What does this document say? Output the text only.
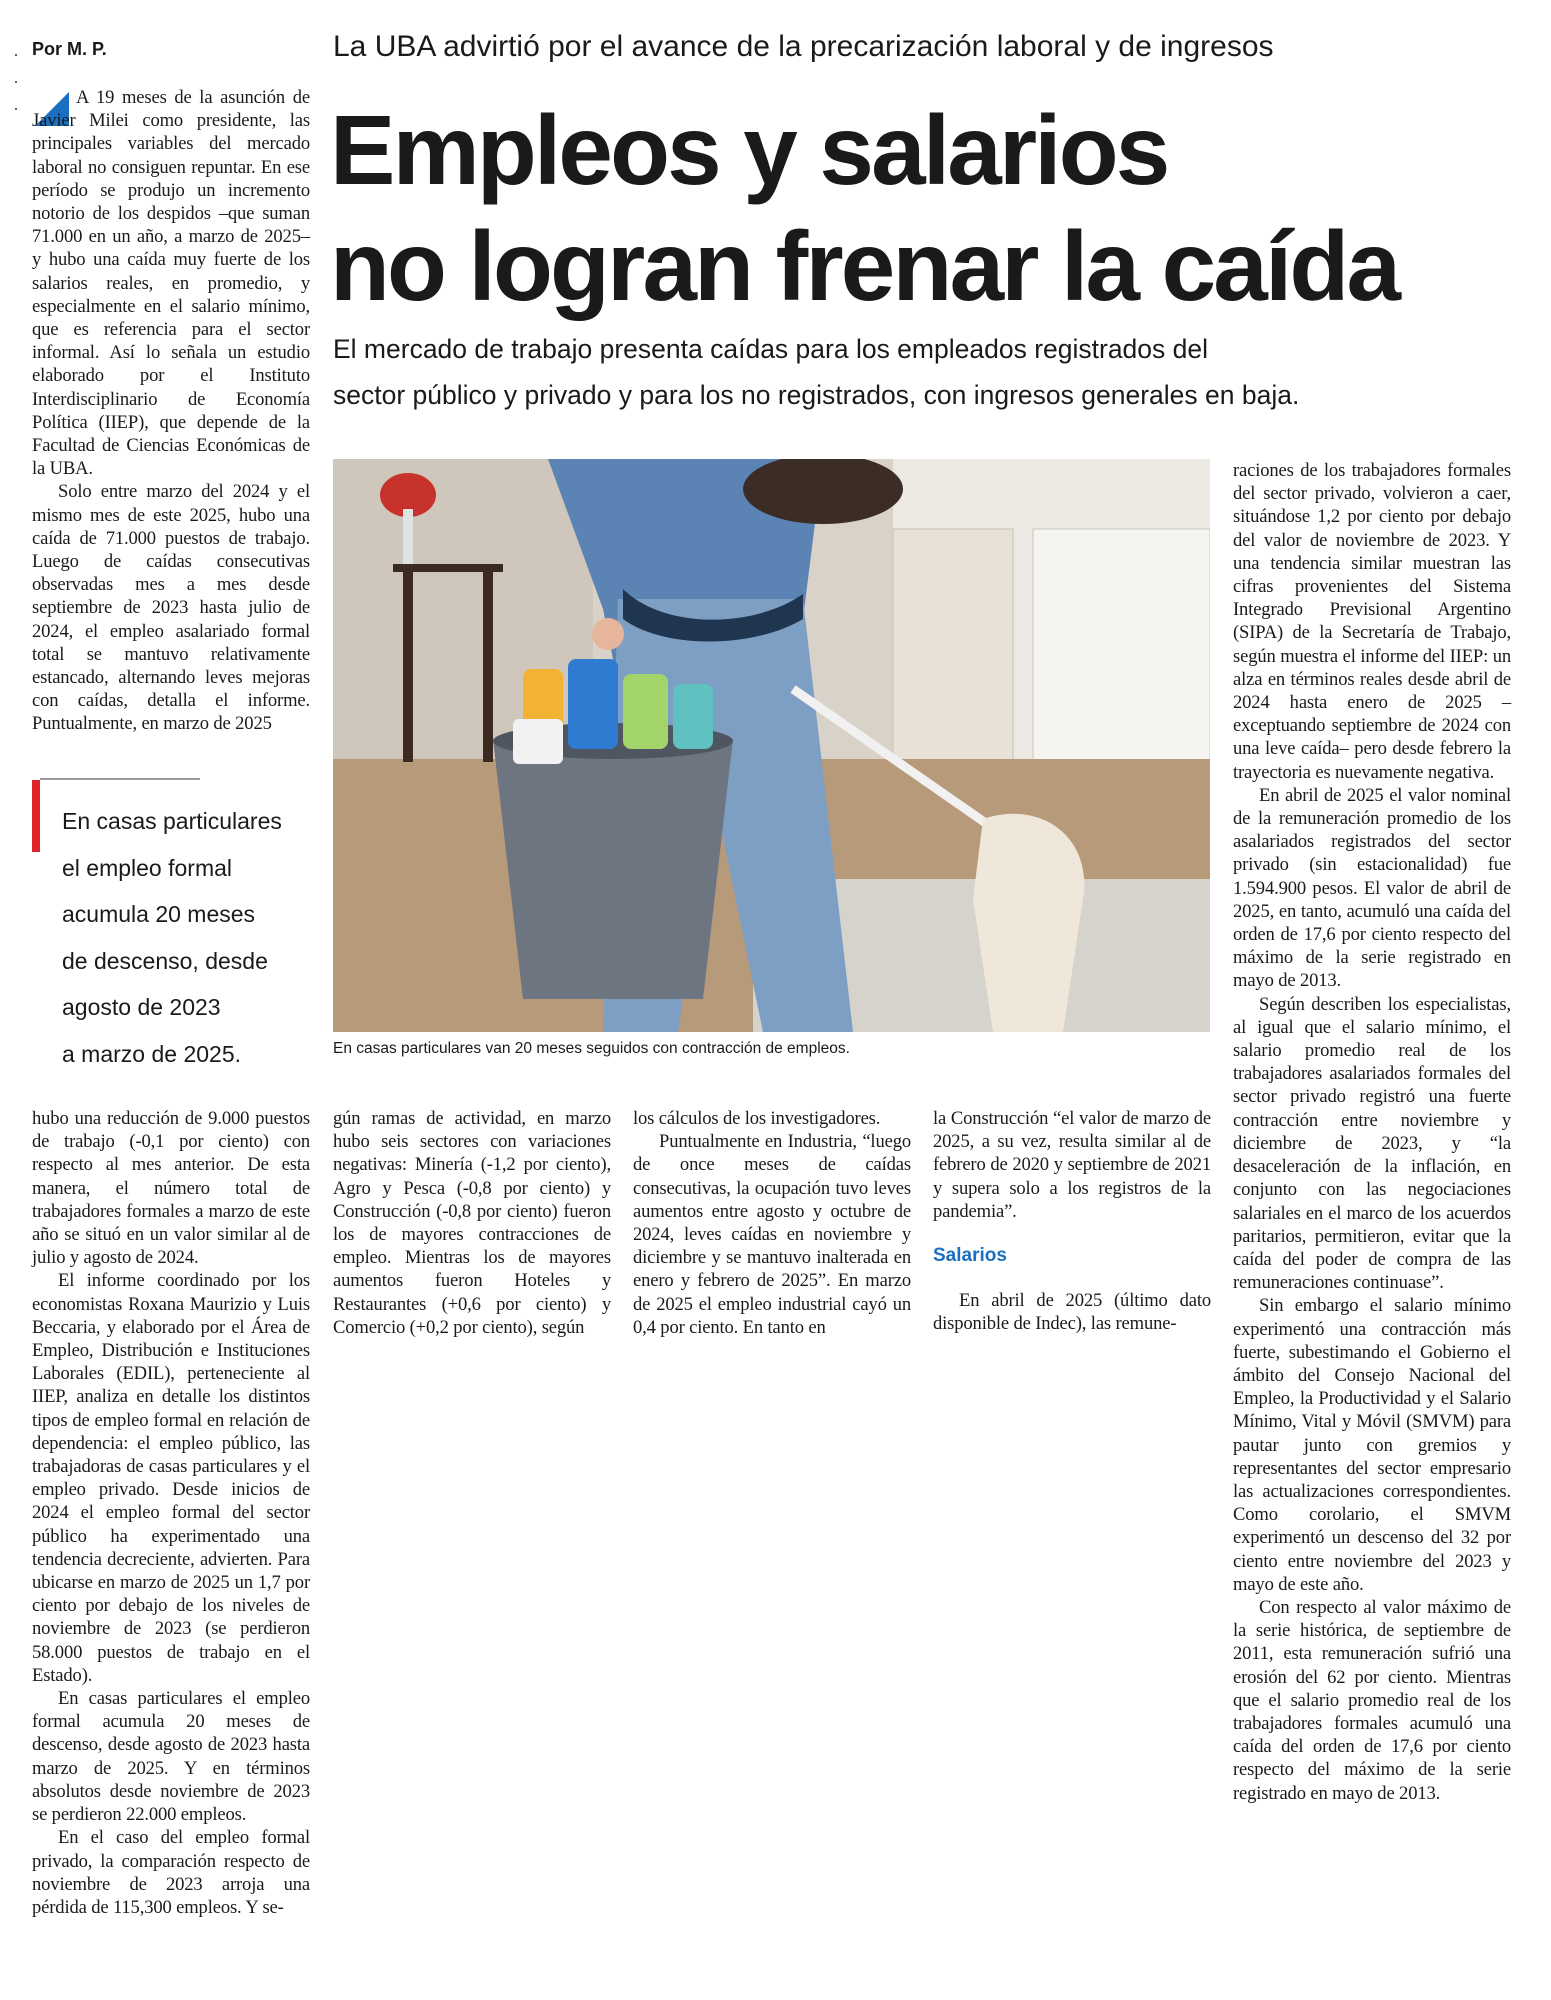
Por M. P.	La UBA advirtió por el avance de la precarización laboral y de ingresos
Empleos y salarios
no logran frenar la caída
El mercado de trabajo presenta caídas para los empleados registrados del
sector público y privado y para los no registrados, con ingresos generales en baja.

A 19 meses de la asunción de Javier Milei como presidente, las principales variables del mercado laboral no consiguen repuntar. En ese período se produjo un incremento notorio de los despidos –que suman 71.000 en un año, a marzo de 2025– y hubo una caída muy fuerte de los salarios reales, en promedio, y especialmente en el salario mínimo, que es referencia para el sector informal. Así lo señala un estudio elaborado por el Instituto Interdisciplinario de Economía Política (IIEP), que depende de la Facultad de Ciencias Económicas de la UBA.

Solo entre marzo del 2024 y el mismo mes de este 2025, hubo una caída de 71.000 puestos de trabajo. Luego de caídas consecutivas observadas mes a mes desde septiembre de 2023 hasta julio de 2024, el empleo asalariado formal total se mantuvo relativamente estancado, alternando leves mejoras con caídas, detalla el informe. Puntualmente, en marzo de 2025

En casas particulares
el empleo formal
acumula 20 meses
de descenso, desde
agosto de 2023
a marzo de 2025.	En casas particulares van 20 meses seguidos con contracción de empleos.

hubo una reducción de 9.000 puestos de trabajo (-0,1 por ciento) con respecto al mes anterior. De esta manera, el número total de trabajadores formales a marzo de este año se situó en un valor similar al de julio y agosto de 2024.

El informe coordinado por los economistas Roxana Maurizio y Luis Beccaria, y elaborado por el Área de Empleo, Distribución e Instituciones Laborales (EDIL), perteneciente al IIEP, analiza en detalle los distintos tipos de empleo formal en relación de dependencia: el empleo público, las trabajadoras de casas particulares y el empleo privado. Desde inicios de 2024 el empleo formal del sector público ha experimentado una tendencia decreciente, advierten. Para ubicarse en marzo de 2025 un 1,7 por ciento por debajo de los niveles de noviembre de 2023 (se perdieron 58.000 puestos de trabajo en el Estado).

En casas particulares el empleo formal acumula 20 meses de descenso, desde agosto de 2023 hasta marzo de 2025. Y en términos absolutos desde noviembre de 2023 se perdieron 22.000 empleos.

En el caso del empleo formal privado, la comparación respecto de noviembre de 2023 arroja una pérdida de 115,300 empleos. Y se-

gún ramas de actividad, en marzo hubo seis sectores con variaciones negativas: Minería (-1,2 por ciento), Agro y Pesca (-0,8 por ciento) y Construcción (-0,8 por ciento) fueron los de mayores contracciones de empleo. Mientras los de mayores aumentos fueron Hoteles y Restaurantes (+0,6 por ciento) y Comercio (+0,2 por ciento), según

los cálculos de los investigadores.

Puntualmente en Industria, “luego de once meses de caídas consecutivas, la ocupación tuvo leves aumentos entre agosto y octubre de 2024, leves caídas en noviembre y diciembre y se mantuvo inalterada en enero y febrero de 2025”. En marzo de 2025 el empleo industrial cayó un 0,4 por ciento. En tanto en

la Construcción “el valor de marzo de 2025, a su vez, resulta similar al de febrero de 2020 y septiembre de 2021 y supera solo a los registros de la pandemia”.

Salarios

En abril de 2025 (último dato disponible de Indec), las remune-

raciones de los trabajadores formales del sector privado, volvieron a caer, situándose 1,2 por ciento por debajo del valor de noviembre de 2023. Y una tendencia similar muestran las cifras provenientes del Sistema Integrado Previsional Argentino (SIPA) de la Secretaría de Trabajo, según muestra el informe del IIEP: un alza en términos reales desde abril de 2024 hasta enero de 2025 –exceptuando septiembre de 2024 con una leve caída– pero desde febrero la trayectoria es nuevamente negativa.

En abril de 2025 el valor nominal de la remuneración promedio de los asalariados registrados del sector privado (sin estacionalidad) fue 1.594.900 pesos. El valor de abril de 2025, en tanto, acumuló una caída del orden de 17,6 por ciento respecto del máximo de la serie registrado en mayo de 2013.

Según describen los especialistas, al igual que el salario mínimo, el salario promedio real de los trabajadores asalariados formales del sector privado registró una fuerte contracción entre noviembre y diciembre de 2023, y “la desaceleración de la inflación, en conjunto con las negociaciones salariales en el marco de los acuerdos paritarios, permitieron, evitar que la caída del poder de compra de las remuneraciones continuase”.

Sin embargo el salario mínimo experimentó una contracción más fuerte, subestimando el Gobierno el ámbito del Consejo Nacional del Empleo, la Productividad y el Salario Mínimo, Vital y Móvil (SMVM) para pautar junto con gremios y representantes del sector empresario las actualizaciones correspondientes. Como corolario, el SMVM experimentó un descenso del 32 por ciento entre noviembre del 2023 y mayo de este año.

Con respecto al valor máximo de la serie histórica, de septiembre de 2011, esta remuneración sufrió una erosión del 62 por ciento. Mientras que el salario promedio real de los trabajadores formales acumuló una caída del orden de 17,6 por ciento respecto del máximo de la serie registrado en mayo de 2013.
